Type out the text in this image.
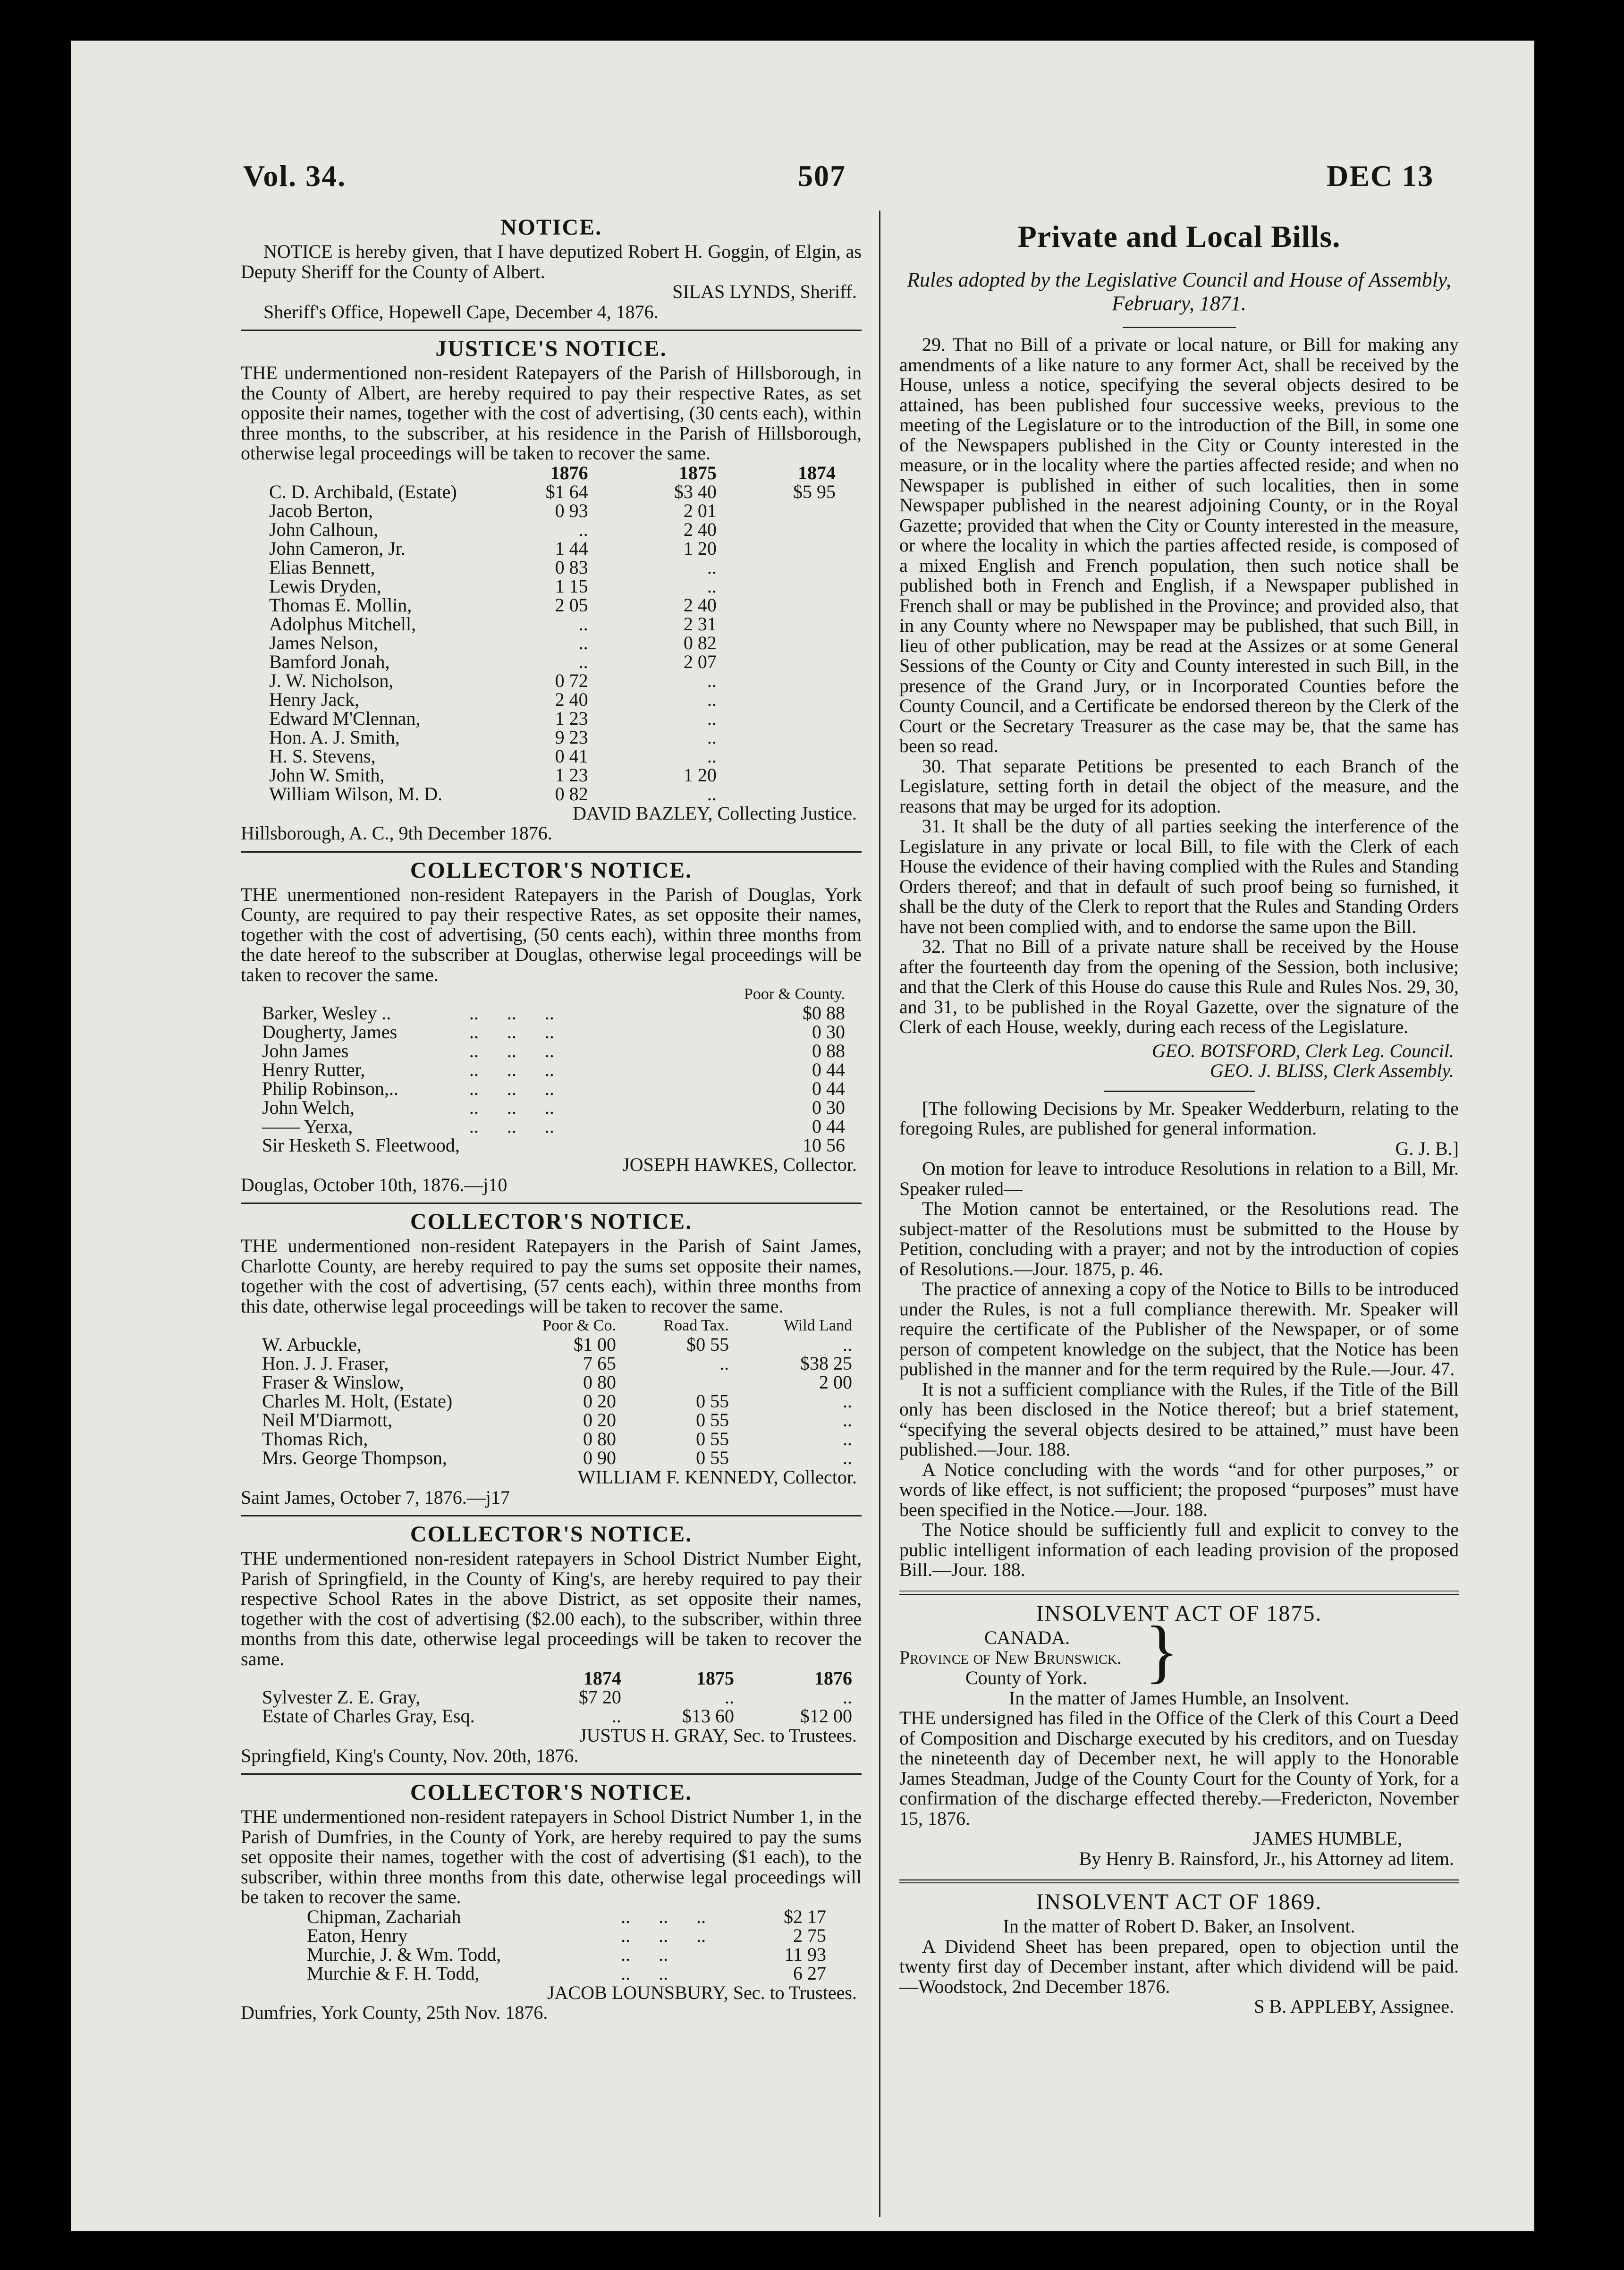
Vol. 34.	507	DEC 13
NOTICE.

NOTICE is hereby given, that I have deputized Robert H. Goggin, of Elgin, as Deputy Sheriff for the County of Albert.

SILAS LYNDS, Sheriff.

Sheriff's Office, Hopewell Cape, December 4, 1876.

JUSTICE'S NOTICE.

THE undermentioned non-resident Ratepayers of the Parish of Hillsborough, in the County of Albert, are hereby required to pay their respective Rates, as set opposite their names, together with the cost of advertising, (30 cents each), within three months, to the subscriber, at his residence in the Parish of Hillsborough, otherwise legal proceedings will be taken to recover the same.

	1876	1875	1874
C. D. Archibald, (Estate)	$1 64	$3 40	$5 95
Jacob Berton,	0 93	2 01	
John Calhoun,	..	2 40	
John Cameron, Jr.	1 44	1 20	
Elias Bennett,	0 83	..	
Lewis Dryden,	1 15	..	
Thomas E. Mollin,	2 05	2 40	
Adolphus Mitchell,	..	2 31	
James Nelson,	..	0 82	
Bamford Jonah,	..	2 07	
J. W. Nicholson,	0 72	..	
Henry Jack,	2 40	..	
Edward M'Clennan,	1 23	..	
Hon. A. J. Smith,	9 23	..	
H. S. Stevens,	0 41	..	
John W. Smith,	1 23	1 20	
William Wilson, M. D.	0 82	..	
DAVID BAZLEY, Collecting Justice.

Hillsborough, A. C., 9th December 1876.

COLLECTOR'S NOTICE.

THE unermentioned non-resident Ratepayers in the Parish of Douglas, York County, are required to pay their respective Rates, as set opposite their names, together with the cost of advertising, (50 cents each), within three months from the date hereof to the subscriber at Douglas, otherwise legal proceedings will be taken to recover the same.

		Poor & County.
Barker, Wesley ..	..      ..      ..	$0 88
Dougherty, James	..      ..      ..	0 30
John James	..      ..      ..	0 88
Henry Rutter,	..      ..      ..	0 44
Philip Robinson,..	..      ..      ..	0 44
John Welch,	..      ..      ..	0 30
—— Yerxa,	..      ..      ..	0 44
Sir Hesketh S. Fleetwood,		10 56
JOSEPH HAWKES, Collector.

Douglas, October 10th, 1876.—j10

COLLECTOR'S NOTICE.

THE undermentioned non-resident Ratepayers in the Parish of Saint James, Charlotte County, are hereby required to pay the sums set opposite their names, together with the cost of advertising, (57 cents each), within three months from this date, otherwise legal proceedings will be taken to recover the same.

	Poor & Co.	Road Tax.	Wild Land
W. Arbuckle,	$1 00	$0 55	..
Hon. J. J. Fraser,	7 65	..	$38 25
Fraser & Winslow,	0 80		2 00
Charles M. Holt, (Estate)	0 20	0 55	..
Neil M'Diarmott,	0 20	0 55	..
Thomas Rich,	0 80	0 55	..
Mrs. George Thompson,	0 90	0 55	..
WILLIAM F. KENNEDY, Collector.

Saint James, October 7, 1876.—j17

COLLECTOR'S NOTICE.

THE undermentioned non-resident ratepayers in School District Number Eight, Parish of Springfield, in the County of King's, are hereby required to pay their respective School Rates in the above District, as set opposite their names, together with the cost of advertising ($2.00 each), to the subscriber, within three months from this date, otherwise legal proceedings will be taken to recover the same.

	1874	1875	1876
Sylvester Z. E. Gray,	$7 20	..	..
Estate of Charles Gray, Esq.	..	$13 60	$12 00
JUSTUS H. GRAY, Sec. to Trustees.

Springfield, King's County, Nov. 20th, 1876.

COLLECTOR'S NOTICE.

THE undermentioned non-resident ratepayers in School District Number 1, in the Parish of Dumfries, in the County of York, are hereby required to pay the sums set opposite their names, together with the cost of advertising ($1 each), to the subscriber, within three months from this date, otherwise legal proceedings will be taken to recover the same.

Chipman, Zachariah	..      ..      ..	$2 17
Eaton, Henry	..      ..      ..	2 75
Murchie, J. & Wm. Todd,	..      ..	11 93
Murchie & F. H. Todd,	..      ..	6 27
JACOB LOUNSBURY, Sec. to Trustees.

Dumfries, York County, 25th Nov. 1876.

Private and Local Bills.
Rules adopted by the Legislative Council and House of Assembly, February, 1871.

29. That no Bill of a private or local nature, or Bill for making any amendments of a like nature to any former Act, shall be received by the House, unless a notice, specifying the several objects desired to be attained, has been published four successive weeks, previous to the meeting of the Legislature or to the introduction of the Bill, in some one of the Newspapers published in the City or County interested in the measure, or in the locality where the parties affected reside; and when no Newspaper is published in either of such localities, then in some Newspaper published in the nearest adjoining County, or in the Royal Gazette; provided that when the City or County interested in the measure, or where the locality in which the parties affected reside, is composed of a mixed English and French population, then such notice shall be published both in French and English, if a Newspaper published in French shall or may be published in the Province; and provided also, that in any County where no Newspaper may be published, that such Bill, in lieu of other publication, may be read at the Assizes or at some General Sessions of the County or City and County interested in such Bill, in the presence of the Grand Jury, or in Incorporated Counties before the County Council, and a Certificate be endorsed thereon by the Clerk of the Court or the Secretary Treasurer as the case may be, that the same has been so read.

30. That separate Petitions be presented to each Branch of the Legislature, setting forth in detail the object of the measure, and the reasons that may be urged for its adoption.

31. It shall be the duty of all parties seeking the interference of the Legislature in any private or local Bill, to file with the Clerk of each House the evidence of their having complied with the Rules and Standing Orders thereof; and that in default of such proof being so furnished, it shall be the duty of the Clerk to report that the Rules and Standing Orders have not been complied with, and to endorse the same upon the Bill.

32. That no Bill of a private nature shall be received by the House after the fourteenth day from the opening of the Session, both inclusive; and that the Clerk of this House do cause this Rule and Rules Nos. 29, 30, and 31, to be published in the Royal Gazette, over the signature of the Clerk of each House, weekly, during each recess of the Legislature.

GEO. BOTSFORD, Clerk Leg. Council.
GEO. J. BLISS, Clerk Assembly.

[The following Decisions by Mr. Speaker Wedderburn, relating to the foregoing Rules, are published for general information.

G. J. B.]

On motion for leave to introduce Resolutions in relation to a Bill, Mr. Speaker ruled—

The Motion cannot be entertained, or the Resolutions read. The subject-matter of the Resolutions must be submitted to the House by Petition, concluding with a prayer; and not by the introduction of copies of Resolutions.—Jour. 1875, p. 46.

The practice of annexing a copy of the Notice to Bills to be introduced under the Rules, is not a full compliance therewith. Mr. Speaker will require the certificate of the Publisher of the Newspaper, or of some person of competent knowledge on the subject, that the Notice has been published in the manner and for the term required by the Rule.—Jour. 47.

It is not a sufficient compliance with the Rules, if the Title of the Bill only has been disclosed in the Notice thereof; but a brief statement, “specifying the several objects desired to be attained,” must have been published.—Jour. 188.

A Notice concluding with the words “and for other purposes,” or words of like effect, is not sufficient; the proposed “purposes” must have been specified in the Notice.—Jour. 188.

The Notice should be sufficiently full and explicit to convey to the public intelligent information of each leading provision of the proposed Bill.—Jour. 188.

INSOLVENT ACT OF 1875.
CANADA.
Province of New Brunswick.
County of York. }
In the matter of James Humble, an Insolvent.

THE undersigned has filed in the Office of the Clerk of this Court a Deed of Composition and Discharge executed by his creditors, and on Tuesday the nineteenth day of December next, he will apply to the Honorable James Steadman, Judge of the County Court for the County of York, for a confirmation of the discharge effected thereby.—Fredericton, November 15, 1876.

JAMES HUMBLE,
By Henry B. Rainsford, Jr., his Attorney ad litem.
INSOLVENT ACT OF 1869.
In the matter of Robert D. Baker, an Insolvent.

A Dividend Sheet has been prepared, open to objection until the twenty first day of December instant, after which dividend will be paid.—Woodstock, 2nd December 1876.

S B. APPLEBY, Assignee.
